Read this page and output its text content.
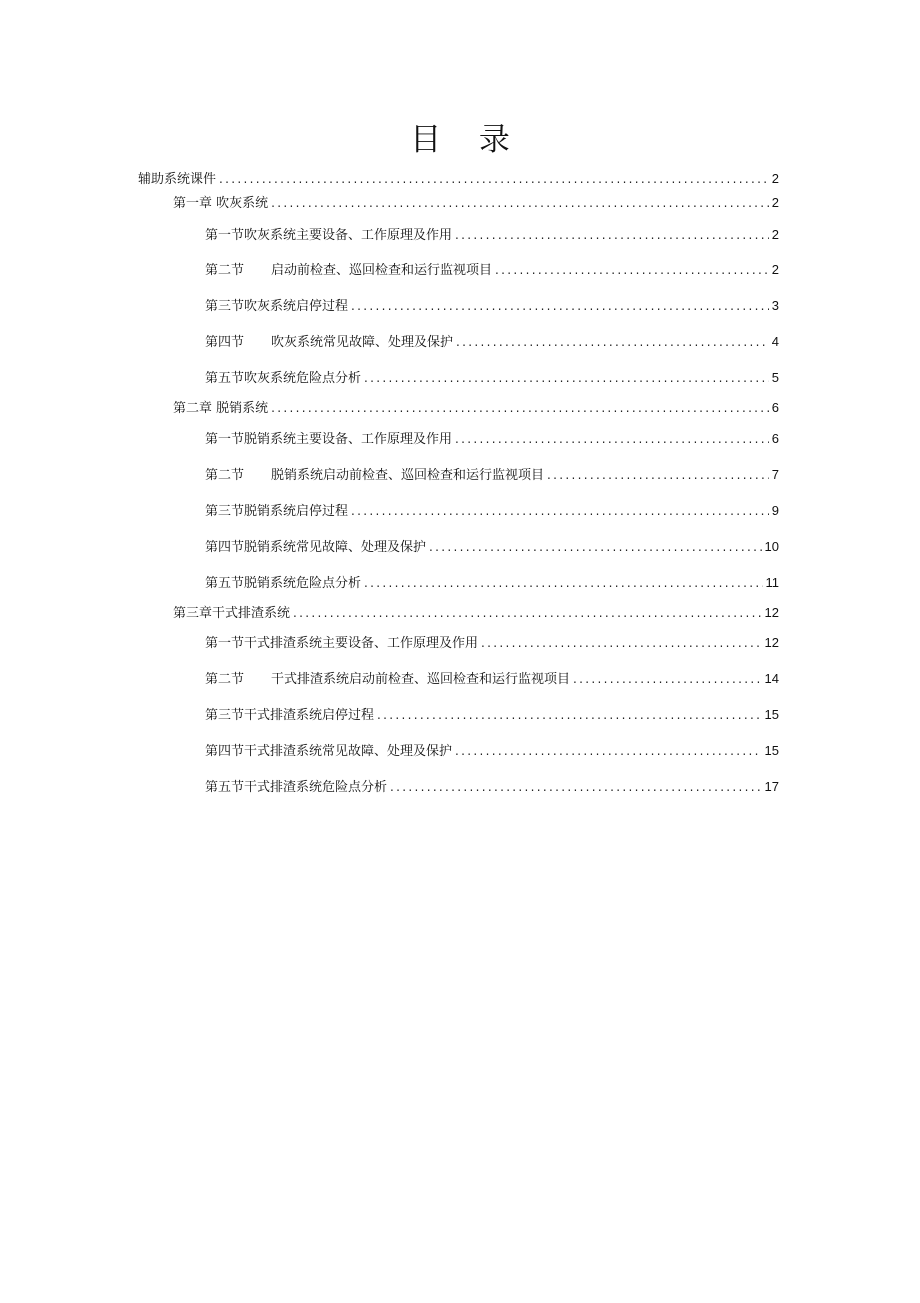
目 录
辅助系统课件 .....	2
第一章 吹灰系统 .....	2
第一节吹灰系统主要设备、工作原理及作用 .....	2
第二节 启动前检查、巡回检查和运行监视项目 .....	2
第三节吹灰系统启停过程 .....	3
第四节 吹灰系统常见故障、处理及保护 .....	4
第五节吹灰系统危险点分析 .....	5
第二章 脱销系统 .....	6
第一节脱销系统主要设备、工作原理及作用 .....	6
第二节 脱销系统启动前检查、巡回检查和运行监视项目 .....	7
第三节脱销系统启停过程 .....	9
第四节脱销系统常见故障、处理及保护 .....	10
第五节脱销系统危险点分析 .....	11
第三章干式排渣系统 .....	12
第一节干式排渣系统主要设备、工作原理及作用 .....	12
第二节 干式排渣系统启动前检查、巡回检查和运行监视项目 .....	14
第三节干式排渣系统启停过程 .....	15
第四节干式排渣系统常见故障、处理及保护 .....	15
第五节干式排渣系统危险点分析 .....	17
